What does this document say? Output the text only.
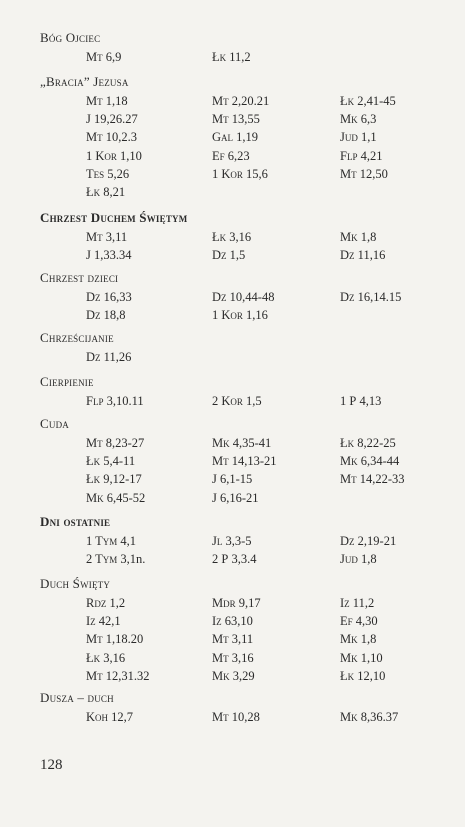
Bóg Ojciec
Mt 6,9	Łk 11,2
„Bracia” Jezusa
Mt 1,18	Mt 2,20.21	Łk 2,41-45
J 19,26.27	Mt 13,55	Mk 6,3
Mt 10,2.3	Gal 1,19	Jud 1,1
1 Kor 1,10	Ef 6,23	Flp 4,21
Tes 5,26	1 Kor 15,6	Mt 12,50
Łk 8,21
Chrzest Duchem Świętym
Mt 3,11	Łk 3,16	Mk 1,8
J 1,33.34	Dz 1,5	Dz 11,16
Chrzest dzieci
Dz 16,33	Dz 10,44-48	Dz 16,14.15
Dz 18,8	1 Kor 1,16
Chrześcijanie
Dz 11,26
Cierpienie
Flp 3,10.11	2 Kor 1,5	1 P 4,13
Cuda
Mt 8,23-27	Mk 4,35-41	Łk 8,22-25
Łk 5,4-11	Mt 14,13-21	Mk 6,34-44
Łk 9,12-17	J 6,1-15	Mt 14,22-33
Mk 6,45-52	J 6,16-21
Dni ostatnie
1 Tym 4,1	Jl 3,3-5	Dz 2,19-21
2 Tym 3,1n.	2 P 3,3.4	Jud 1,8
Duch Święty
Rdz 1,2	Mdr 9,17	Iz 11,2
Iz 42,1	Iz 63,10	Ef 4,30
Mt 1,18.20	Mt 3,11	Mk 1,8
Łk 3,16	Mt 3,16	Mk 1,10
Mt 12,31.32	Mk 3,29	Łk 12,10
Dusza – duch
Koh 12,7	Mt 10,28	Mk 8,36.37
128
